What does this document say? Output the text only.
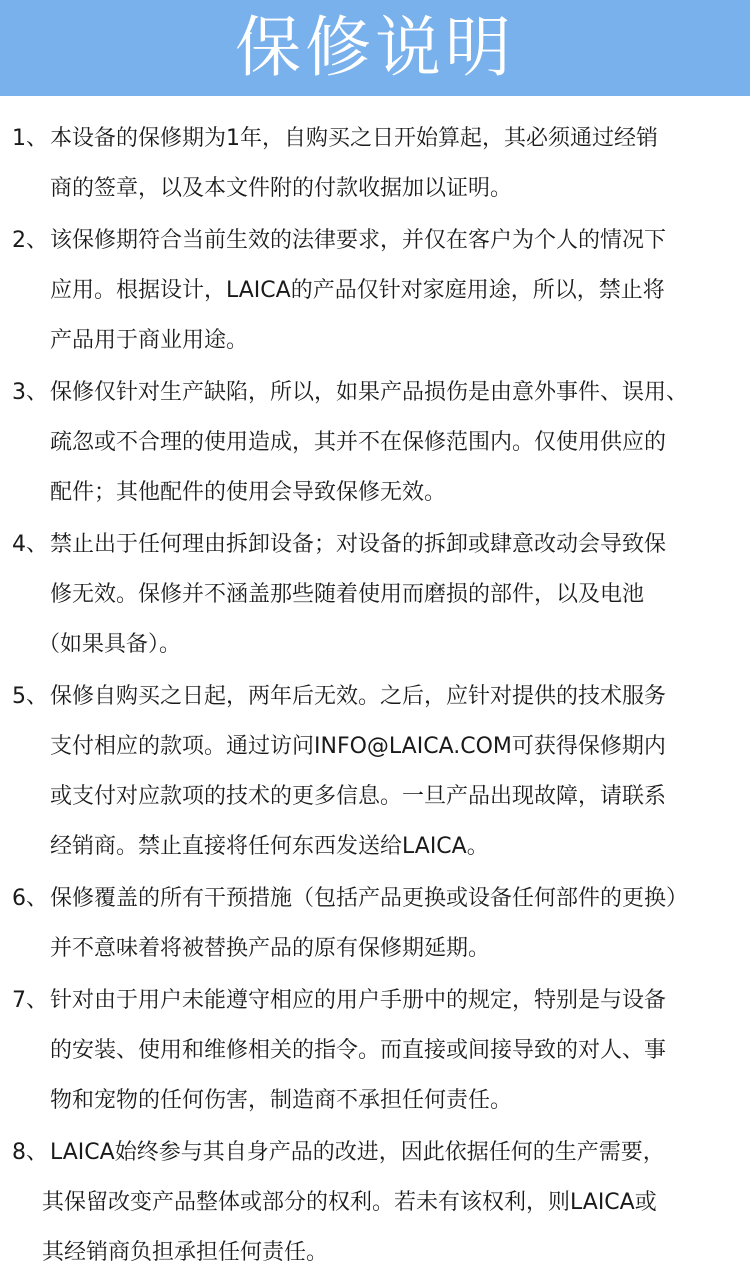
保修说明
1、 本设备的保修期为1年，自购买之日开始算起，其必须通过经销
商的签章，以及本文件附的付款收据加以证明。
2、 该保修期符合当前生效的法律要求，并仅在客户为个人的情况下
应用。根据设计，LAICA的产品仅针对家庭用途，所以，禁止将
产品用于商业用途。
3、 保修仅针对生产缺陷，所以，如果产品损伤是由意外事件、误用、
疏忽或不合理的使用造成，其并不在保修范围内。仅使用供应的
配件；其他配件的使用会导致保修无效。
4、 禁止出于任何理由拆卸设备；对设备的拆卸或肆意改动会导致保
修无效。保修并不涵盖那些随着使用而磨损的部件，以及电池
（如果具备）。
5、 保修自购买之日起，两年后无效。之后，应针对提供的技术服务
支付相应的款项。通过访问INFO@LAICA.COM可获得保修期内
或支付对应款项的技术的更多信息。一旦产品出现故障，请联系
经销商。禁止直接将任何东西发送给LAICA。
6、 保修覆盖的所有干预措施（包括产品更换或设备任何部件的更换）
并不意味着将被替换产品的原有保修期延期。
7、 针对由于用户未能遵守相应的用户手册中的规定，特别是与设备
的安装、使用和维修相关的指令。而直接或间接导致的对人、事
物和宠物的任何伤害，制造商不承担任何责任。
8、 LAICA始终参与其自身产品的改进，因此依据任何的生产需要，
其保留改变产品整体或部分的权利。若未有该权利，则LAICA或
其经销商负担承担任何责任。
